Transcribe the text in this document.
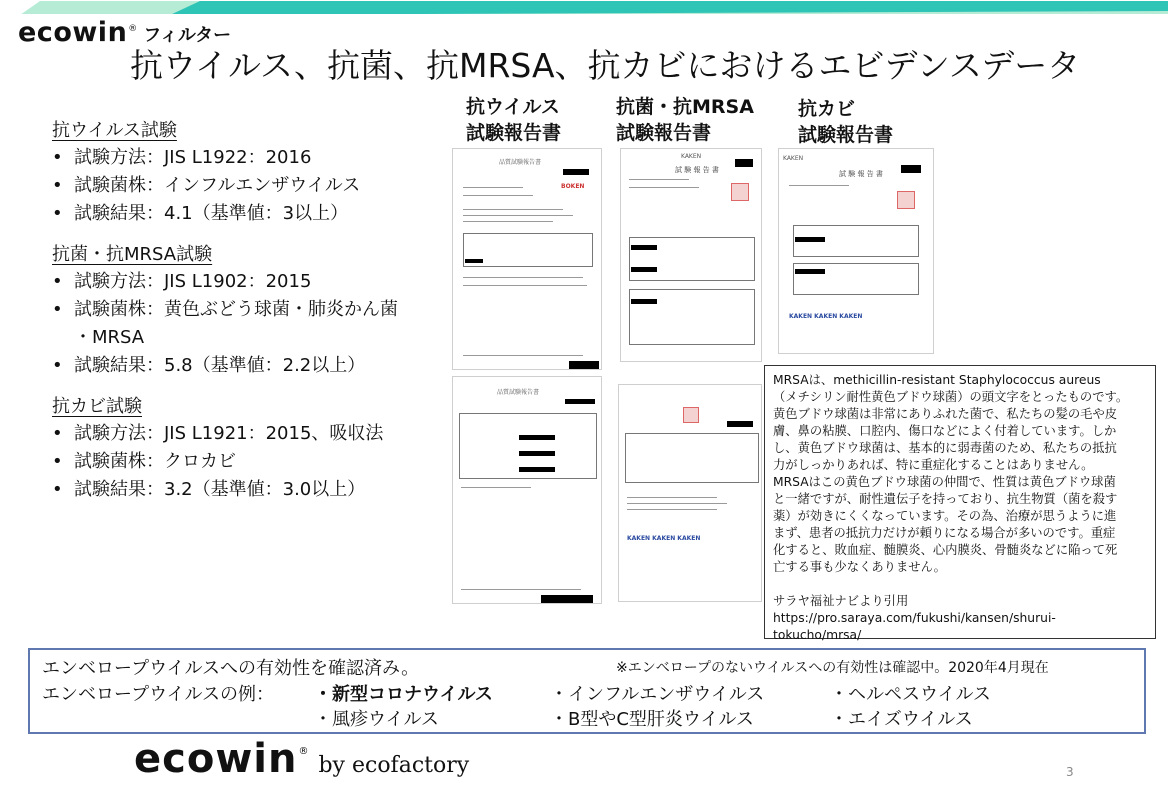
ecowin ® フィルター
抗ウイルス、抗菌、抗MRSA、抗カビにおけるエビデンスデータ
抗ウイルス試験
• 試験方法：JIS L1922：2016
• 試験菌株：インフルエンザウイルス
• 試験結果：4.1（基準値：3以上）
抗菌・抗MRSA試験
• 試験方法：JIS L1902：2015
• 試験菌株：黄色ぶどう球菌・肺炎かん菌
・MRSA
• 試験結果：5.8（基準値：2.2以上）
抗カビ試験
• 試験方法：JIS L1921：2015、吸収法
• 試験菌株：クロカビ
• 試験結果：3.2（基準値：3.0以上）
抗ウイルス
試験報告書
抗菌・抗MRSA
試験報告書
抗カビ
試験報告書
品質試験報告書
BOKEN
品質試験報告書
KAKEN
試 験 報 告 書
KAKEN KAKEN KAKEN
KAKEN
試 験 報 告 書
KAKEN KAKEN KAKEN

MRSAは、methicillin‐resistant Staphylococcus aureus

（メチシリン耐性黄色ブドウ球菌）の頭文字をとったものです。

黄色ブドウ球菌は非常にありふれた菌で、私たちの髪の毛や皮

膚、鼻の粘膜、口腔内、傷口などによく付着しています。しか

し、黄色ブドウ球菌は、基本的に弱毒菌のため、私たちの抵抗

力がしっかりあれば、特に重症化することはありません。

MRSAはこの黄色ブドウ球菌の仲間で、性質は黄色ブドウ球菌

と一緒ですが、耐性遺伝子を持っており、抗生物質（菌を殺す

薬）が効きにくくなっています。その為、治療が思うように進

まず、患者の抵抗力だけが頼りになる場合が多いのです。重症

化すると、敗血症、髄膜炎、心内膜炎、骨髄炎などに陥って死

亡する事も少なくありません。

サラヤ福祉ナビより引用

https://pro.saraya.com/fukushi/kansen/shurui-

tokucho/mrsa/

エンベロープウイルスへの有効性を確認済み。	※エンベロープのないウイルスへの有効性は確認中。2020年4月現在
エンベロープウイルスの例： ・新型コロナウイルス	・インフルエンザウイルス	・ヘルペスウイルス
・風疹ウイルス	・B型やC型肝炎ウイルス	・エイズウイルス
ecowin ®
by ecofactory	3
